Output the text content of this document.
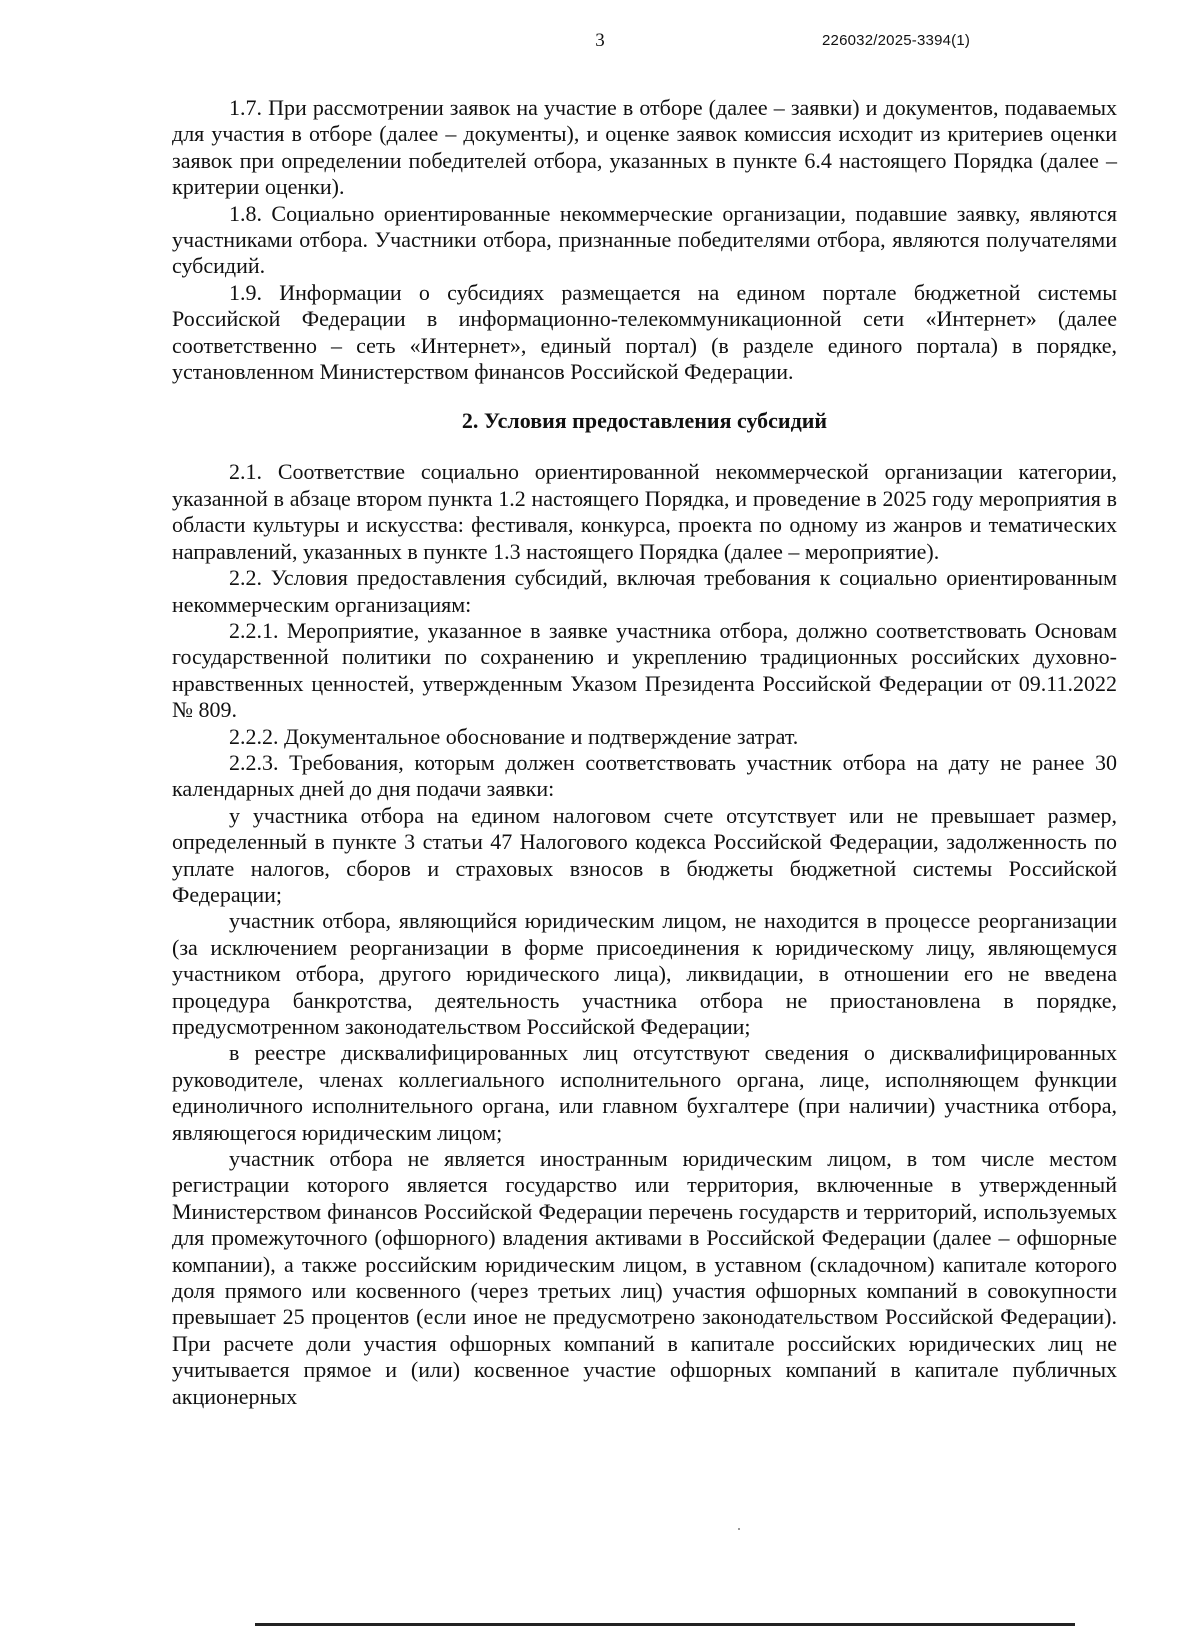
3	226032/2025-3394(1)

1.7. При рассмотрении заявок на участие в отборе (далее – заявки) и документов, подаваемых для участия в отборе (далее – документы), и оценке заявок комиссия исходит из критериев оценки заявок при определении победителей отбора, указанных в пункте 6.4 настоящего Порядка (далее – критерии оценки).

1.8. Социально ориентированные некоммерческие организации, подавшие заявку, являются участниками отбора. Участники отбора, признанные победителями отбора, являются получателями субсидий.

1.9. Информации о субсидиях размещается на едином портале бюджетной системы Российской Федерации в информационно-телекоммуникационной сети «Интернет» (далее соответственно – сеть «Интернет», единый портал) (в разделе единого портала) в порядке, установленном Министерством финансов Российской Федерации.

2. Условия предоставления субсидий

2.1. Соответствие социально ориентированной некоммерческой организации категории, указанной в абзаце втором пункта 1.2 настоящего Порядка, и проведение в 2025 году мероприятия в области культуры и искусства: фестиваля, конкурса, проекта по одному из жанров и тематических направлений, указанных в пункте 1.3 настоящего Порядка (далее – мероприятие).

2.2. Условия предоставления субсидий, включая требования к социально ориентированным некоммерческим организациям:

2.2.1. Мероприятие, указанное в заявке участника отбора, должно соответствовать Основам государственной политики по сохранению и укреплению традиционных российских духовно-нравственных ценностей, утвержденным Указом Президента Российской Федерации от 09.11.2022 № 809.

2.2.2. Документальное обоснование и подтверждение затрат.

2.2.3. Требования, которым должен соответствовать участник отбора на дату не ранее 30 календарных дней до дня подачи заявки:

у участника отбора на едином налоговом счете отсутствует или не превышает размер, определенный в пункте 3 статьи 47 Налогового кодекса Российской Федерации, задолженность по уплате налогов, сборов и страховых взносов в бюджеты бюджетной системы Российской Федерации;

участник отбора, являющийся юридическим лицом, не находится в процессе реорганизации (за исключением реорганизации в форме присоединения к юридическому лицу, являющемуся участником отбора, другого юридического лица), ликвидации, в отношении его не введена процедура банкротства, деятельность участника отбора не приостановлена в порядке, предусмотренном законодательством Российской Федерации;

в реестре дисквалифицированных лиц отсутствуют сведения о дисквалифицированных руководителе, членах коллегиального исполнительного органа, лице, исполняющем функции единоличного исполнительного органа, или главном бухгалтере (при наличии) участника отбора, являющегося юридическим лицом;

участник отбора не является иностранным юридическим лицом, в том числе местом регистрации которого является государство или территория, включенные в утвержденный Министерством финансов Российской Федерации перечень государств и территорий, используемых для промежуточного (офшорного) владения активами в Российской Федерации (далее – офшорные компании), а также российским юридическим лицом, в уставном (складочном) капитале которого доля прямого или косвенного (через третьих лиц) участия офшорных компаний в совокупности превышает 25 процентов (если иное не предусмотрено законодательством Российской Федерации). При расчете доли участия офшорных компаний в капитале российских юридических лиц не учитывается прямое и (или) косвенное участие офшорных компаний в капитале публичных акционерных
